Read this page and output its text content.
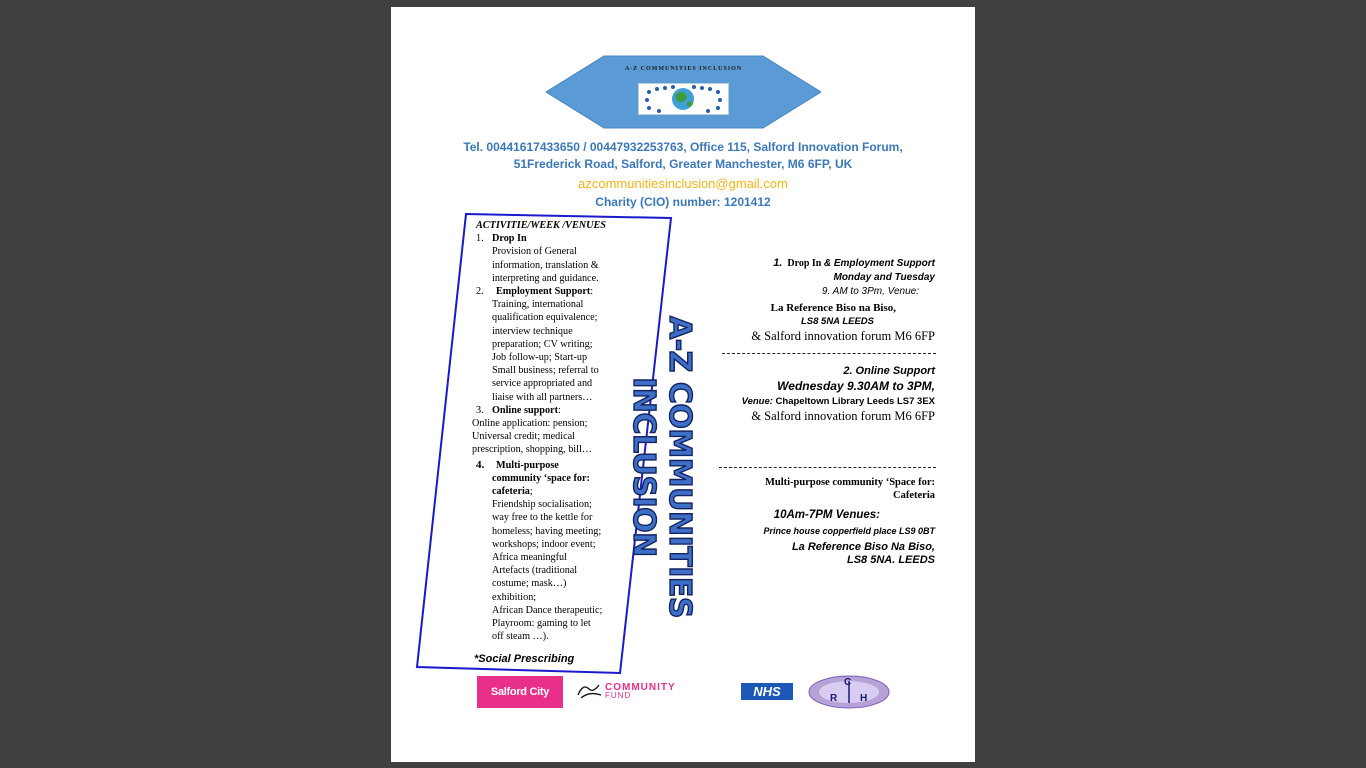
A-Z COMMUNITIES INCLUSION
Tel. 00441617433650 / 00447932253763, Office 115, Salford Innovation Forum,
51Frederick Road, Salford, Greater Manchester, M6 6FP, UK
azcommunitiesinclusion@gmail.com
Charity (CIO) number: 1201412
ACTIVITIE/WEEK /VENUES
1. Drop In
Provision of General
information, translation &
interpreting and guidance.
2. Employment Support:
Training, international
qualification equivalence;
interview technique
preparation; CV writing;
Job follow-up; Start-up
Small business; referral to
service appropriated and
liaise with all partners…
3. Online support:
Online application: pension;
Universal credit; medical
prescription, shopping, bill…
4. Multi-purpose
community ‘space for:
cafeteria;
Friendship socialisation;
way free to the kettle for
homeless; having meeting;
workshops; indoor event;
Africa meaningful
Artefacts (traditional
costume; mask…)
exhibition;
African Dance therapeutic;
Playroom: gaming to let
off steam …).
*Social Prescribing
A-Z COMMUNITIES INCLUSION
1. Drop In & Employment Support
Monday and Tuesday
9. AM to 3Pm, Venue:
La Reference Biso na Biso,
LS8 5NA LEEDS
& Salford innovation forum M6 6FP
2. Online Support
Wednesday 9.30AM to 3PM,
Venue: Chapeltown Library Leeds LS7 3EX
& Salford innovation forum M6 6FP
Multi-purpose community ‘Space for:
Cafeteria
10Am-7PM Venues:
Prince house copperfield place LS9 0BT
La Reference Biso Na Biso,
LS8 5NA. LEEDS
Salford City Council
COMMUNITY
FUND	NHS
C
R H
